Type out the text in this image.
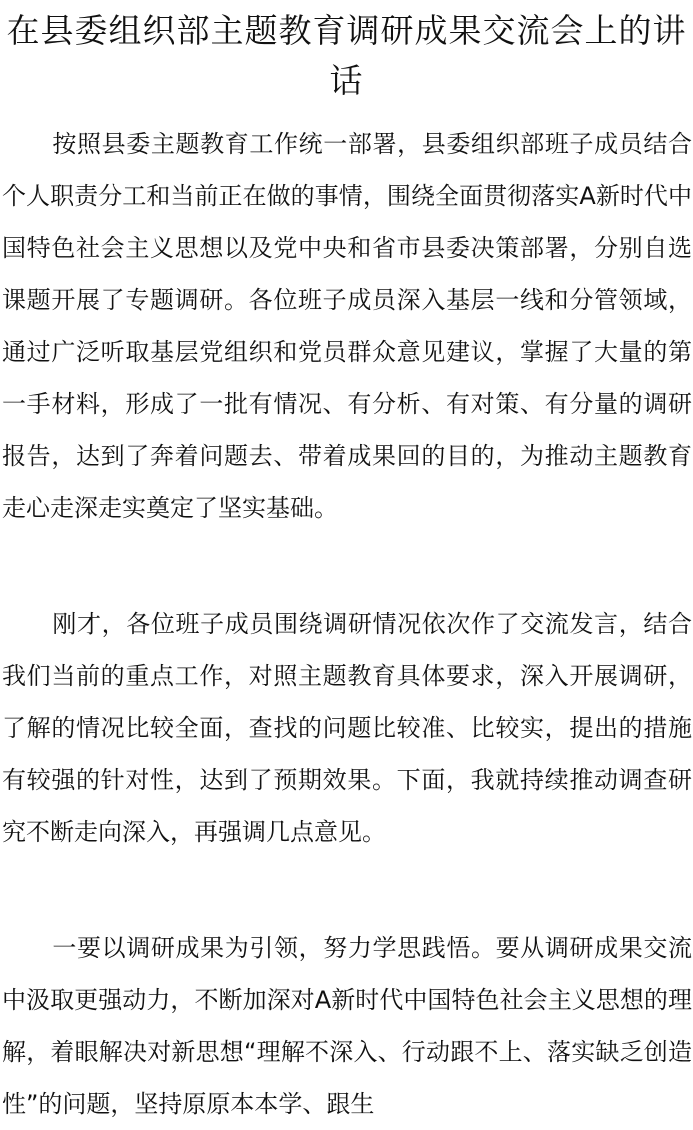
在县委组织部主题教育调研成果交流会上的讲话

按照县委主题教育工作统一部署，县委组织部班子成员结合个人职责分工和当前正在做的事情，围绕全面贯彻落实A新时代中国特色社会主义思想以及党中央和省市县委决策部署，分别自选课题开展了专题调研。各位班子成员深入基层一线和分管领域，通过广泛听取基层党组织和党员群众意见建议，掌握了大量的第一手材料，形成了一批有情况、有分析、有对策、有分量的调研报告，达到了奔着问题去、带着成果回的目的，为推动主题教育走心走深走实奠定了坚实基础。

刚才，各位班子成员围绕调研情况依次作了交流发言，结合我们当前的重点工作，对照主题教育具体要求，深入开展调研，了解的情况比较全面，查找的问题比较准、比较实，提出的措施有较强的针对性，达到了预期效果。下面，我就持续推动调查研究不断走向深入，再强调几点意见。

一要以调研成果为引领，努力学思践悟。要从调研成果交流中汲取更强动力，不断加深对A新时代中国特色社会主义思想的理解，着眼解决对新思想“理解不深入、行动跟不上、落实缺乏创造性”的问题，坚持原原本本学、跟生
